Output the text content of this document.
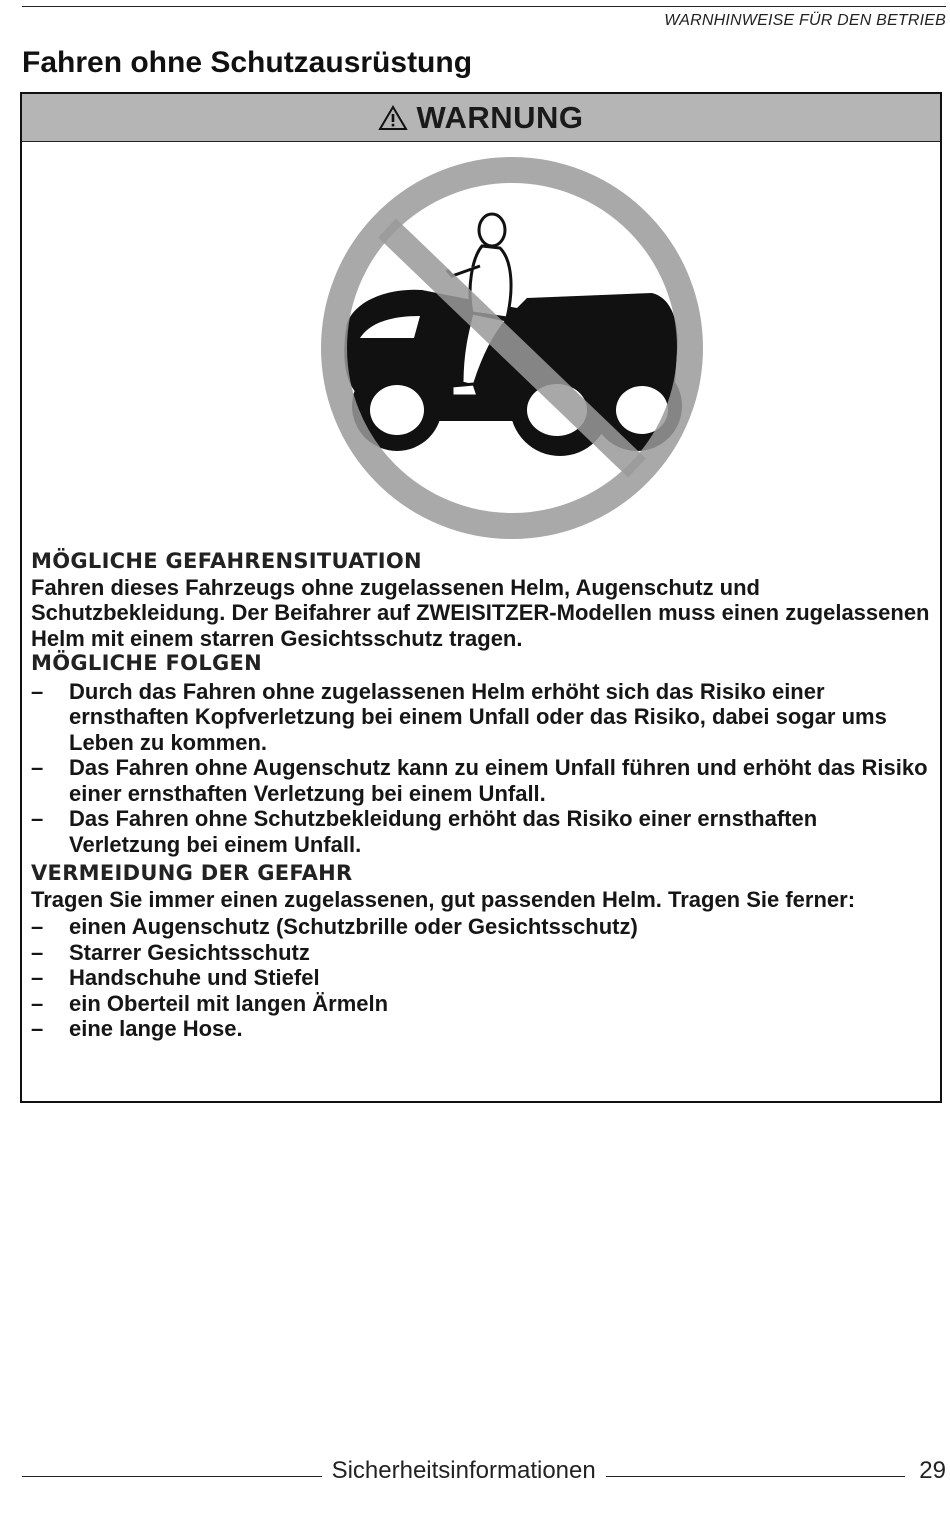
WARNHINWEISE FÜR DEN BETRIEB
Fahren ohne Schutzausrüstung
WARNUNG
MÖGLICHE GEFAHRENSITUATION

Fahren dieses Fahrzeugs ohne zugelassenen Helm, Augenschutz und Schutzbekleidung. Der Beifahrer auf ZWEISITZER-Modellen muss einen zugelassenen Helm mit einem starren Gesichtsschutz tragen.

MÖGLICHE FOLGEN
– Durch das Fahren ohne zugelassenen Helm erhöht sich das Risiko einer ernsthaften Kopfverletzung bei einem Unfall oder das Risiko, dabei sogar ums Leben zu kommen.
– Das Fahren ohne Augenschutz kann zu einem Unfall führen und erhöht das Risiko einer ernsthaften Verletzung bei einem Unfall.
– Das Fahren ohne Schutzbekleidung erhöht das Risiko einer ernsthaften Verletzung bei einem Unfall.
VERMEIDUNG DER GEFAHR

Tragen Sie immer einen zugelassenen, gut passenden Helm. Tragen Sie ferner:

– einen Augenschutz (Schutzbrille oder Gesichtsschutz)
– Starrer Gesichtsschutz
– Handschuhe und Stiefel
– ein Oberteil mit langen Ärmeln
– eine lange Hose.
Sicherheitsinformationen	29
